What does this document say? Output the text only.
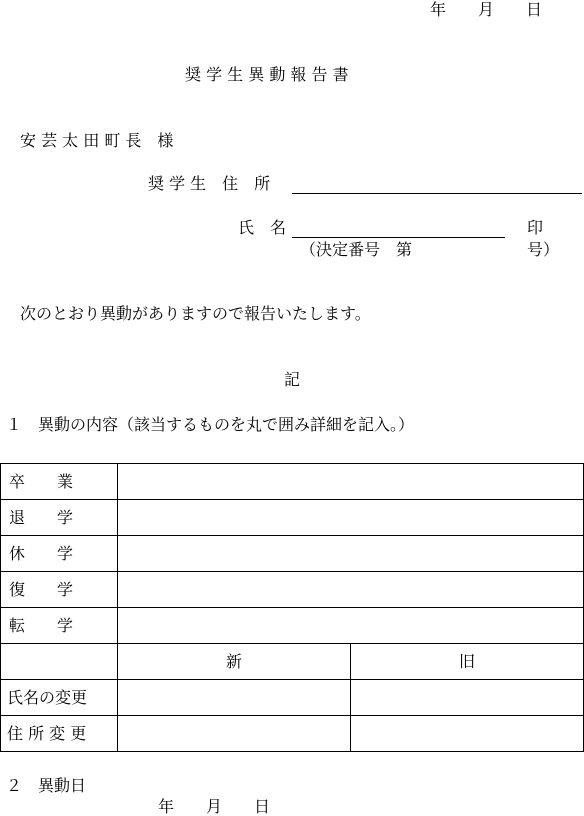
年　　月　　日
奨 学 生 異 動 報 告 書
安 芸 太 田 町 長　様
奨 学 生　住　所
氏　名	印
（決定番号　第	号）
次のとおり異動がありますので報告いたします。
記
１　異動の内容（該当するものを丸で囲み詳細を記入。）
卒　　業		
退　　学		
休　　学		
復　　学		
転　　学		
	新	旧
氏名の変更		
住 所 変 更		
２　異動日
年　　月　　日
